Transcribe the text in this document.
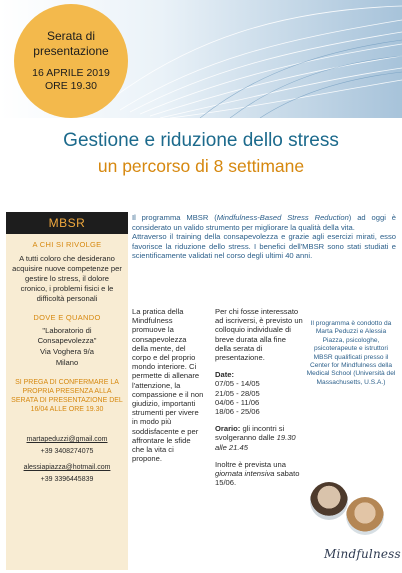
Serata di
presentazione
16 APRILE 2019
ORE 19.30
Gestione e riduzione dello stress
un percorso di 8 settimane
MBSR
A CHI SI RIVOLGE
A tutti coloro che desiderano acquisire nuove competenze per gestire lo stress, il dolore cronico, i problemi fisici e le difficoltà personali
DOVE E QUANDO
"Laboratorio di Consapevolezza"
Via Voghera 9/a
Milano
SI PREGA DI CONFERMARE LA PROPRIA PRESENZA ALLA SERATA DI PRESENTAZIONE DEL 16/04 ALLE ORE 19.30
martapeduzzi@gmail.com
+39 3408274075
alessiapiazza@hotmail.com
+39 3396445839

Il programma MBSR (Mindfulness-Based Stress Reduction) ad oggi è considerato un valido strumento per migliorare la qualità della vita.

Attraverso il training della consapevolezza e grazie agli esercizi mirati, esso favorisce la riduzione dello stress. I benefici dell'MBSR sono stati studiati e scientificamente validati nel corso degli ultimi 40 anni.

La pratica della Mindfulness promuove la consapevolezza della mente, del corpo e del proprio mondo interiore. Ci permette di allenare l'attenzione, la compassione e il non giudizio, importanti strumenti per vivere in modo più soddisfacente e per affrontare le sfide che la vita ci propone.
Per chi fosse interessato ad iscriversi, è previsto un colloquio individuale di breve durata alla fine della serata di presentazione.
Date:
07/05 - 14/05
21/05 - 28/05
04/06 - 11/06
18/06 - 25/06
Orario: gli incontri si svolgeranno dalle 19.30 alle 21.45
Inoltre è prevista una giornata intensiva sabato 15/06.
Il programma è condotto da Marta Peduzzi e Alessia Piazza, psicologhe, psicoterapeute e istruttori MBSR qualificati presso il Center for Mindfulness della Medical School (Università del Massachusetts, U.S.A.)
Mindfulness
